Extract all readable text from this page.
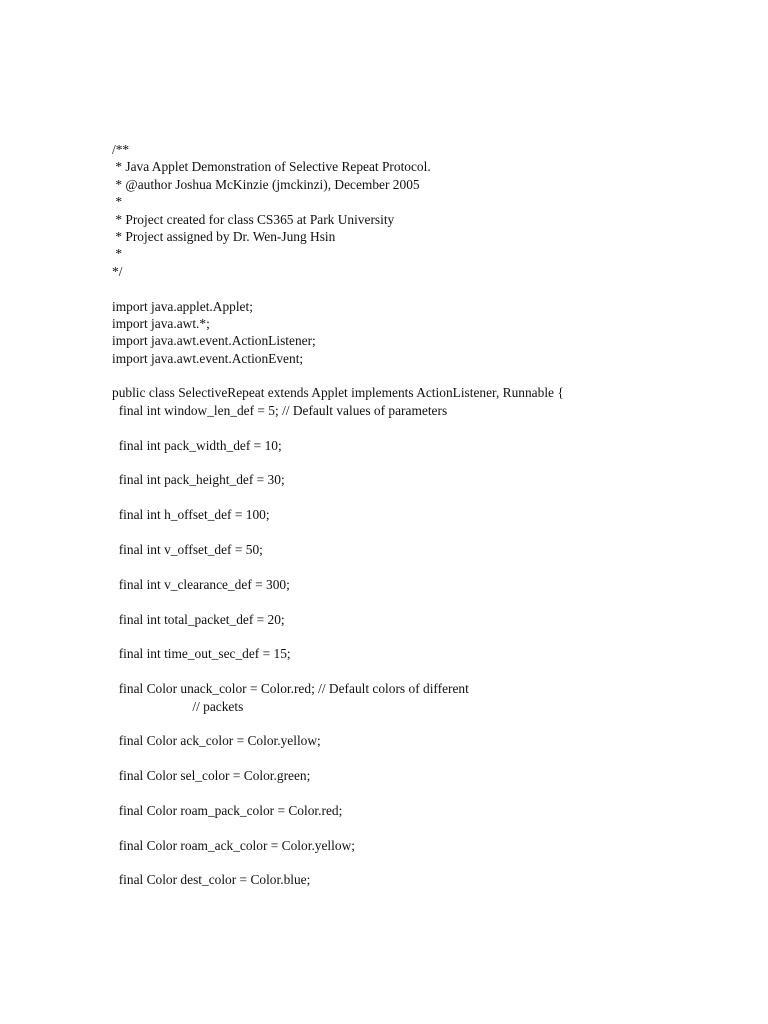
/**
* Java Applet Demonstration of Selective Repeat Protocol.
* @author Joshua McKinzie (jmckinzi), December 2005
*
* Project created for class CS365 at Park University
* Project assigned by Dr. Wen-Jung Hsin
*
*/
import java.applet.Applet;
import java.awt.*;
import java.awt.event.ActionListener;
import java.awt.event.ActionEvent;
public class SelectiveRepeat extends Applet implements ActionListener, Runnable {
final int window_len_def = 5; // Default values of parameters
final int pack_width_def = 10;
final int pack_height_def = 30;
final int h_offset_def = 100;
final int v_offset_def = 50;
final int v_clearance_def = 300;
final int total_packet_def = 20;
final int time_out_sec_def = 15;
final Color unack_color = Color.red; // Default colors of different
// packets
final Color ack_color = Color.yellow;
final Color sel_color = Color.green;
final Color roam_pack_color = Color.red;
final Color roam_ack_color = Color.yellow;
final Color dest_color = Color.blue;
